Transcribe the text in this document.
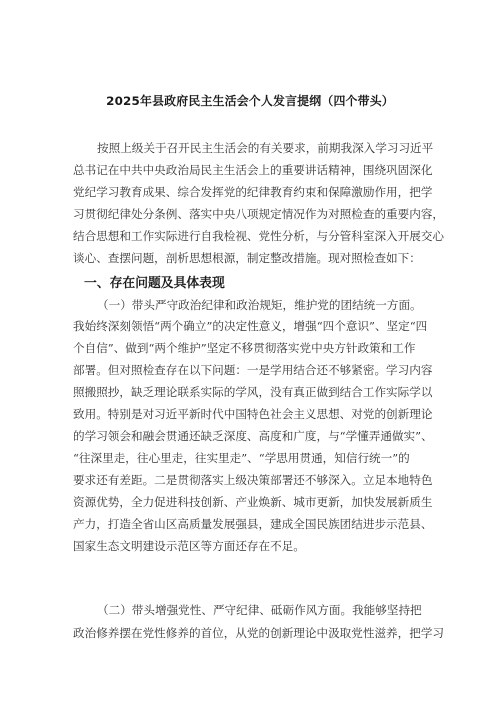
2025年县政府民主生活会个人发言提纲（四个带头）
按照上级关于召开民主生活会的有关要求，前期我深入学习习近平
总书记在中共中央政治局民主生活会上的重要讲话精神，围绕巩固深化
党纪学习教育成果、综合发挥党的纪律教育约束和保障激励作用，把学
习贯彻纪律处分条例、落实中央八项规定情况作为对照检查的重要内容，
结合思想和工作实际进行自我检视、党性分析，与分管科室深入开展交心
谈心、查摆问题，剖析思想根源，制定整改措施。现对照检查如下：
一、存在问题及具体表现
（一）带头严守政治纪律和政治规矩，维护党的团结统一方面。
我始终深刻领悟“两个确立”的决定性意义，增强“四个意识”、坚定“四
个自信”、做到“两个维护”坚定不移贯彻落实党中央方针政策和工作
部署。但对照检查存在以下问题：一是学用结合还不够紧密。学习内容
照搬照抄，缺乏理论联系实际的学风，没有真正做到结合工作实际学以
致用。特别是对习近平新时代中国特色社会主义思想、对党的创新理论
的学习领会和融会贯通还缺乏深度、高度和广度，与“学懂弄通做实”、
“往深里走，往心里走，往实里走”、“学思用贯通，知信行统一”的
要求还有差距。二是贯彻落实上级决策部署还不够深入。立足本地特色
资源优势，全力促进科技创新、产业焕新、城市更新，加快发展新质生
产力，打造全省山区高质量发展强县，建成全国民族团结进步示范县、
国家生态文明建设示范区等方面还存在不足。
（二）带头增强党性、严守纪律、砥砺作风方面。我能够坚持把
政治修养摆在党性修养的首位，从党的创新理论中汲取党性滋养，把学习
